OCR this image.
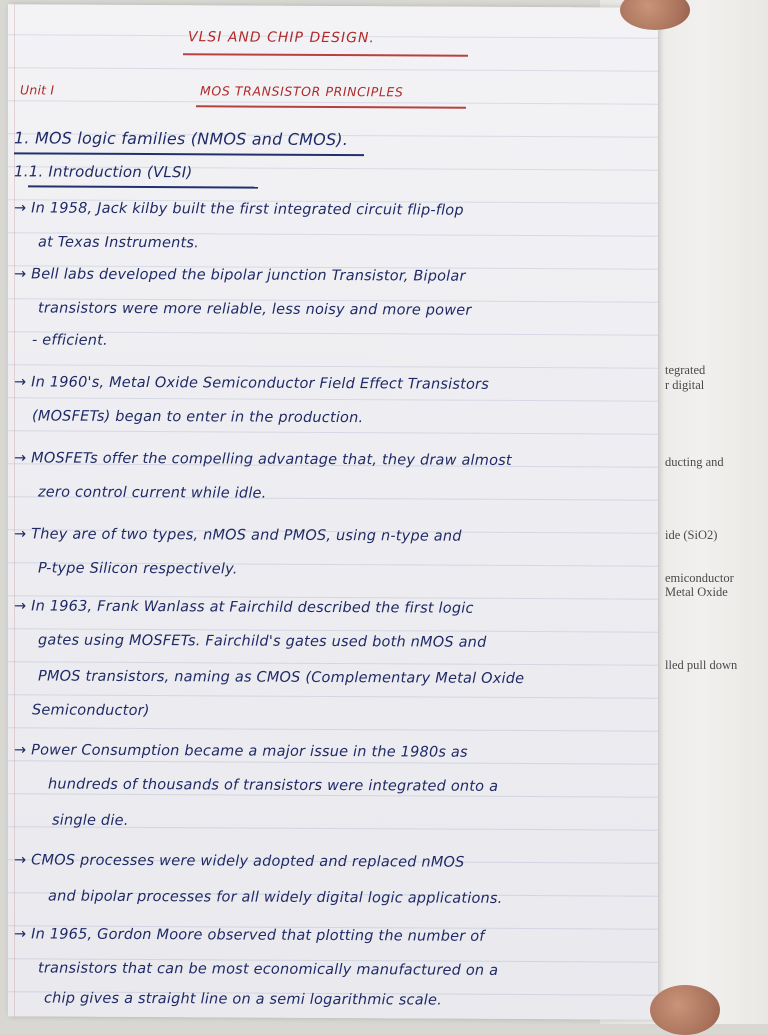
tegrated
r digital
ducting and
ide (SiO2)
emiconductor
Metal Oxide
lled pull down
VLSI AND CHIP DESIGN.
Unit I	MOS TRANSISTOR PRINCIPLES
1. MOS logic families (NMOS and CMOS).
1.1. Introduction (VLSI)
→ In 1958, Jack kilby built the first integrated circuit flip-flop
at Texas Instruments.
→ Bell labs developed the bipolar junction Transistor, Bipolar
transistors were more reliable, less noisy and more power
- efficient.
→ In 1960's, Metal Oxide Semiconductor Field Effect Transistors
(MOSFETs) began to enter in the production.
→ MOSFETs offer the compelling advantage that, they draw almost
zero control current while idle.
→ They are of two types, nMOS and PMOS, using n-type and
P-type Silicon respectively.
→ In 1963, Frank Wanlass at Fairchild described the first logic
gates using MOSFETs. Fairchild's gates used both nMOS and
PMOS transistors, naming as CMOS (Complementary Metal Oxide
Semiconductor)
→ Power Consumption became a major issue in the 1980s as
hundreds of thousands of transistors were integrated onto a
single die.
→ CMOS processes were widely adopted and replaced nMOS
and bipolar processes for all widely digital logic applications.
→ In 1965, Gordon Moore observed that plotting the number of
transistors that can be most economically manufactured on a
chip gives a straight line on a semi logarithmic scale.
